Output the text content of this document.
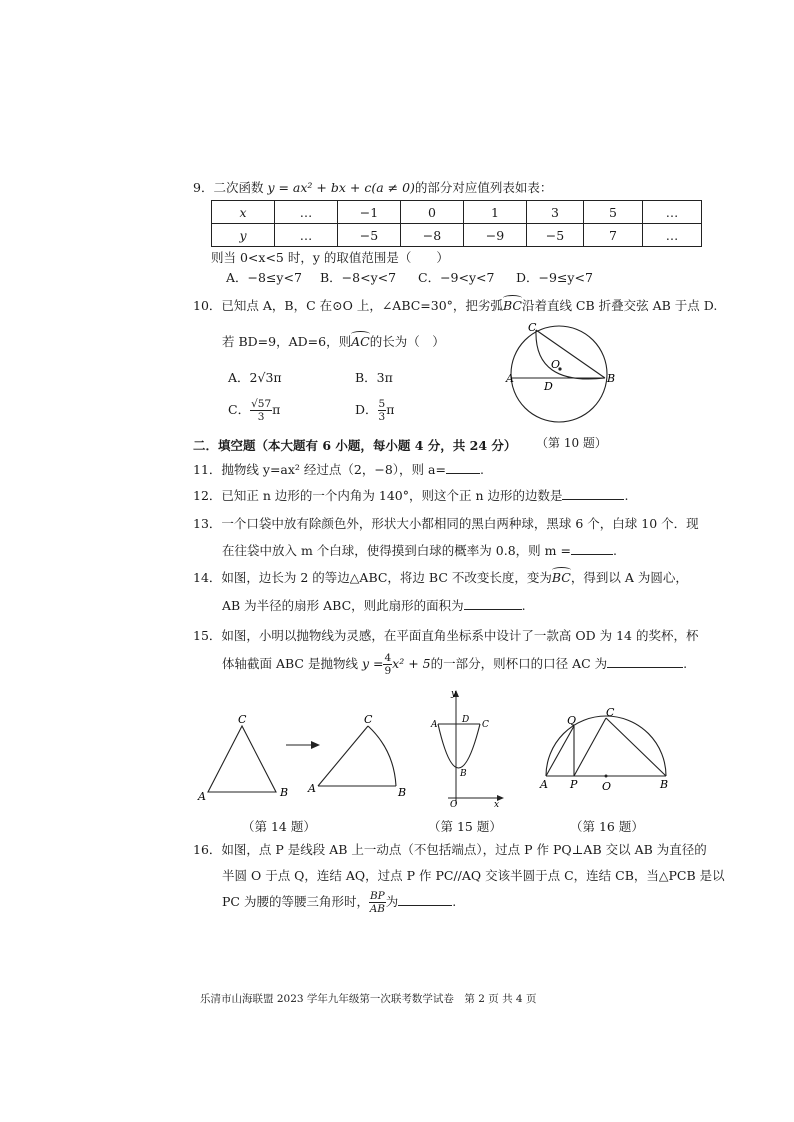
9．二次函数 y = ax² + bx + c(a ≠ 0)的部分对应值列表如表：
x	…	−1	0	1	3	5	…
y	…	−5	−8	−9	−5	7	…
则当 0<x<5 时，y 的取值范围是（　　）
A．−8≤y<7 B．−8<y<7 C．−9<y<7 D．−9≤y<7
10．已知点 A，B，C 在⊙O 上，∠ABC=30°，把劣弧BC沿着直线 CB 折叠交弦 AB 于点 D.
若 BD=9，AD=6，则AC的长为（　）
A．2√3π	B．3π
C． $\frac{√57}{3}$ π	D． $\frac{5}{3}$ π
C
O
A
D
B
（第 10 题）
二．填空题（本大题有 6 小题，每小题 4 分，共 24 分）
11．抛物线 y=ax² 经过点（2，−8），则 a=	.
12．已知正 n 边形的一个内角为 140°，则这个正 n 边形的边数是	.
13．一个口袋中放有除颜色外，形状大小都相同的黑白两种球，黑球 6 个，白球 10 个．现
在往袋中放入 m 个白球，使得摸到白球的概率为 0.8，则 m =	.
14．如图，边长为 2 的等边△ABC，将边 BC 不改变长度，变为BC，得到以 A 为圆心，
AB 为半径的扇形 ABC，则此扇形的面积为	.
15．如图，小明以抛物线为灵感，在平面直角坐标系中设计了一款高 OD 为 14 的奖杯，杯
体轴截面 ABC 是抛物线 $y = \frac{4}{9} x^2 + 5$的一部分，则杯口的口径 AC 为	.
C
A	B
C
A	B
y
A	D C
B
O	x
Q
C
A P O	B
（第 14 题）	（第 15 题）	（第 16 题）
16．如图，点 P 是线段 AB 上一动点（不包括端点），过点 P 作 PQ⊥AB 交以 AB 为直径的
半圆 O 于点 Q，连结 AQ，过点 P 作 PC//AQ 交该半圆于点 C，连结 CB，当△PCB 是以
PC 为腰的等腰三角形时， $\frac{BP}{AB}$ 为	.
乐清市山海联盟 2023 学年九年级第一次联考数学试卷　 第 2 页 共 4 页
